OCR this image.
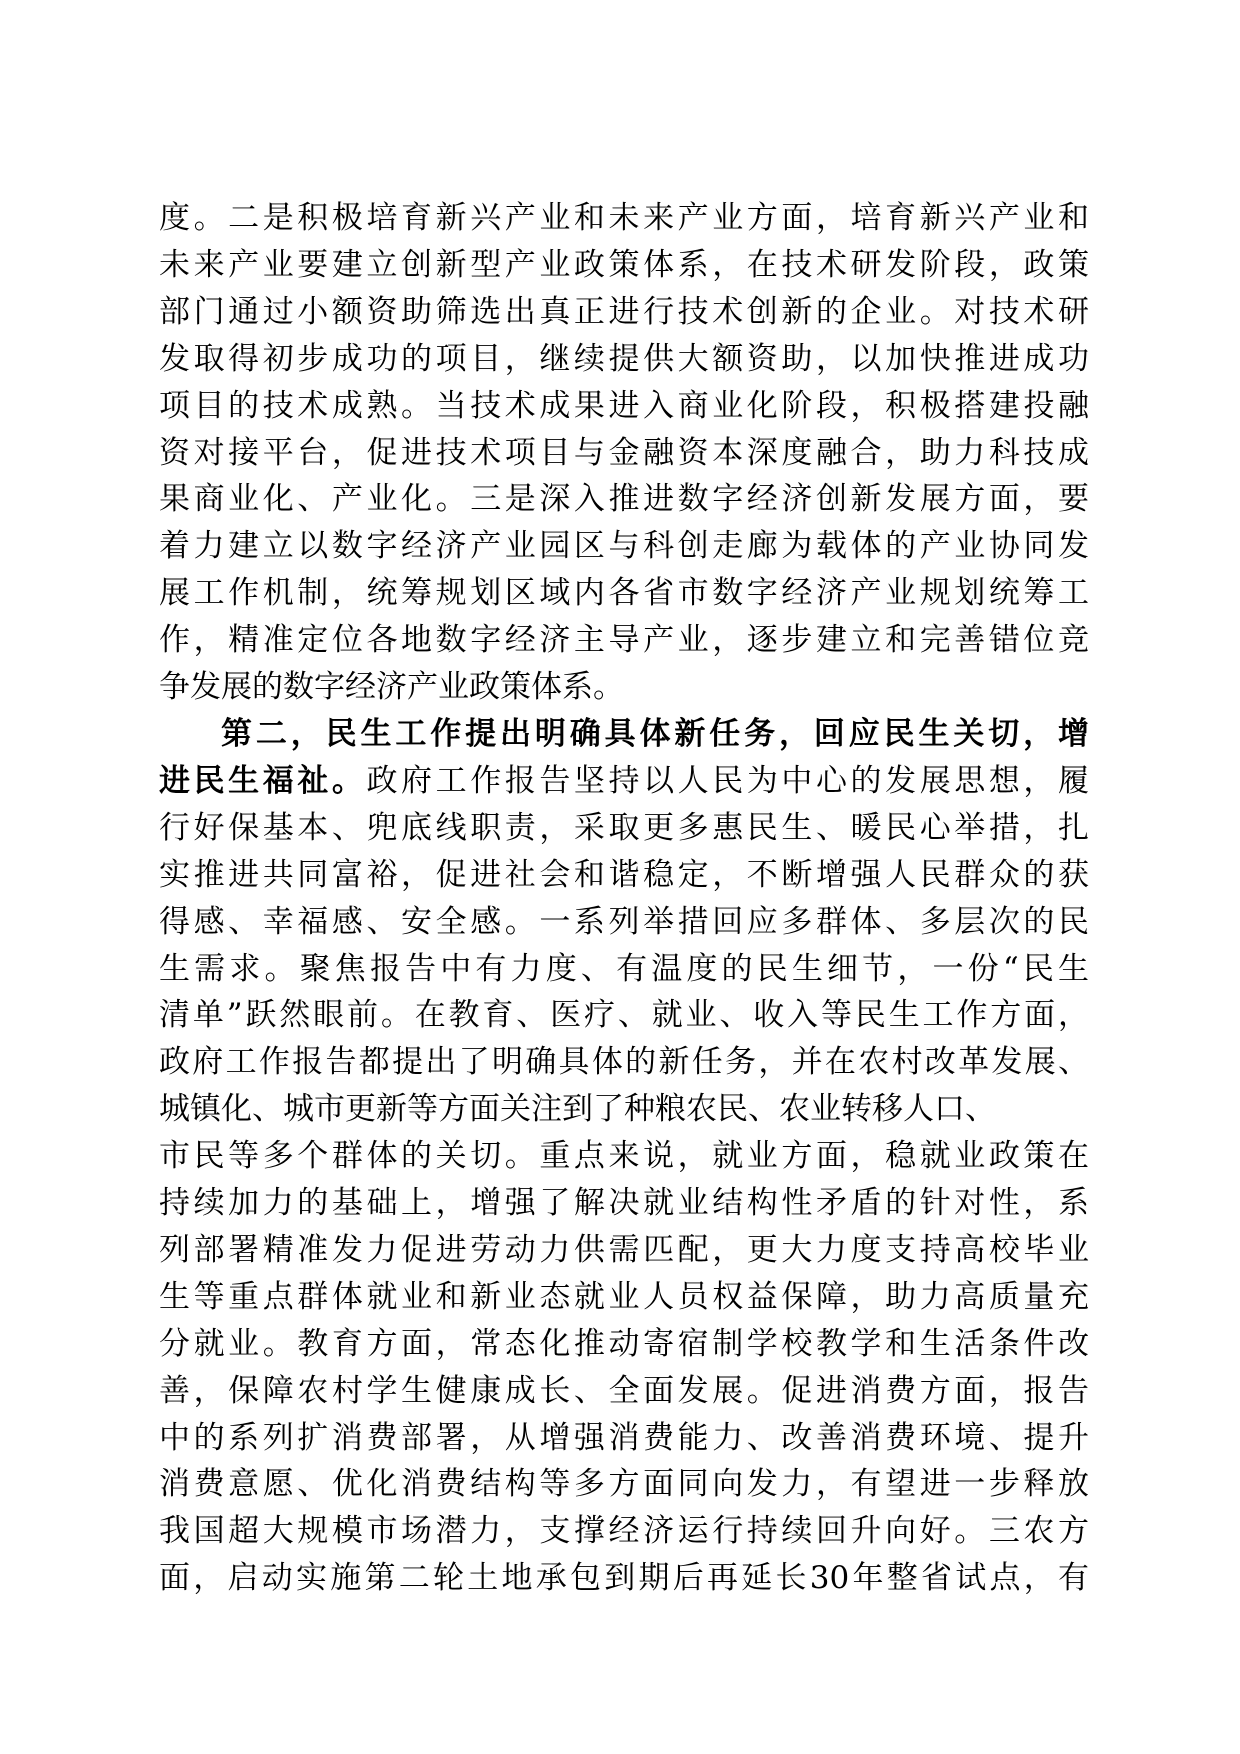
度。二是积极培育新兴产业和未来产业方面，培育新兴产业和
未来产业要建立创新型产业政策体系，在技术研发阶段，政策
部门通过小额资助筛选出真正进行技术创新的企业。对技术研
发取得初步成功的项目，继续提供大额资助，以加快推进成功
项目的技术成熟。当技术成果进入商业化阶段，积极搭建投融
资对接平台，促进技术项目与金融资本深度融合，助力科技成
果商业化、产业化。三是深入推进数字经济创新发展方面，要
着力建立以数字经济产业园区与科创走廊为载体的产业协同发
展工作机制，统筹规划区域内各省市数字经济产业规划统筹工
作，精准定位各地数字经济主导产业，逐步建立和完善错位竞
争发展的数字经济产业政策体系。
第二，民生工作提出明确具体新任务，回应民生关切，增
进民生福祉。政府工作报告坚持以人民为中心的发展思想，履
行好保基本、兜底线职责，采取更多惠民生、暖民心举措，扎
实推进共同富裕，促进社会和谐稳定，不断增强人民群众的获
得感、幸福感、安全感。一系列举措回应多群体、多层次的民
生需求。聚焦报告中有力度、有温度的民生细节，一份“民生
清单”跃然眼前。在教育、医疗、就业、收入等民生工作方面，
政府工作报告都提出了明确具体的新任务，并在农村改革发展、
城镇化、城市更新等方面关注到了种粮农民、农业转移人口、
市民等多个群体的关切。重点来说，就业方面，稳就业政策在
持续加力的基础上，增强了解决就业结构性矛盾的针对性，系
列部署精准发力促进劳动力供需匹配，更大力度支持高校毕业
生等重点群体就业和新业态就业人员权益保障，助力高质量充
分就业。教育方面，常态化推动寄宿制学校教学和生活条件改
善，保障农村学生健康成长、全面发展。促进消费方面，报告
中的系列扩消费部署，从增强消费能力、改善消费环境、提升
消费意愿、优化消费结构等多方面同向发力，有望进一步释放
我国超大规模市场潜力，支撑经济运行持续回升向好。三农方
面，启动实施第二轮土地承包到期后再延长30年整省试点，有
